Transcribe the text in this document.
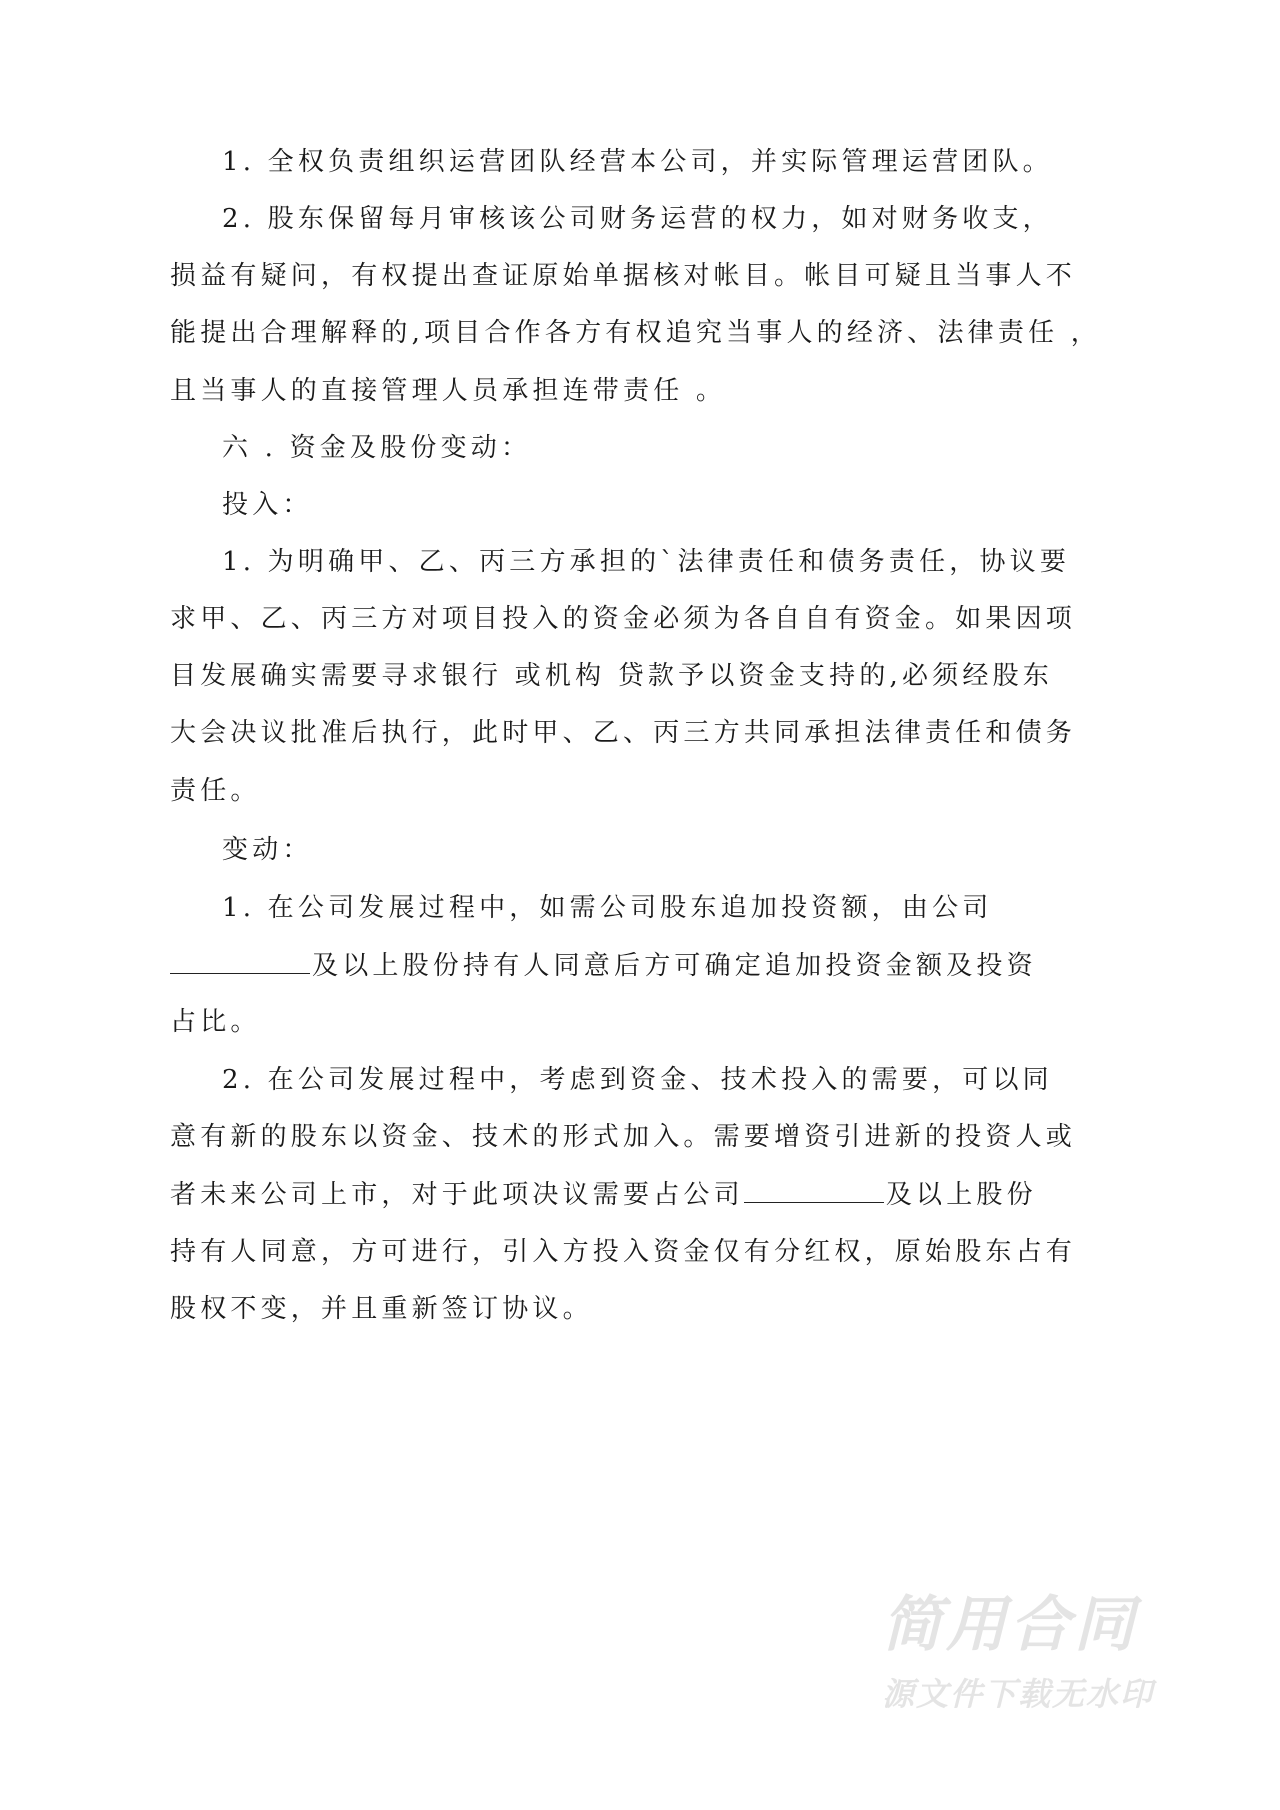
1. 全权负责组织运营团队经营本公司，并实际管理运营团队。
2. 股东保留每月审核该公司财务运营的权力，如对财务收支，
损益有疑问，有权提出查证原始单据核对帐目。帐目可疑且当事人不
能提出合理解释的,项目合作各方有权追究当事人的经济、法律责任 ，
且当事人的直接管理人员承担连带责任 。
六 . 资金及股份变动：
投入：
1. 为明确甲、乙、丙三方承担的`法律责任和债务责任，协议要
求甲、乙、丙三方对项目投入的资金必须为各自自有资金。如果因项
目发展确实需要寻求银行 或机构 贷款予以资金支持的,必须经股东
大会决议批准后执行，此时甲、乙、丙三方共同承担法律责任和债务
责任。
变动：
1. 在公司发展过程中，如需公司股东追加投资额，由公司
及以上股份持有人同意后方可确定追加投资金额及投资
占比。
2. 在公司发展过程中，考虑到资金、技术投入的需要，可以同
意有新的股东以资金、技术的形式加入。需要增资引进新的投资人或
者未来公司上市，对于此项决议需要占公司	及以上股份
持有人同意，方可进行，引入方投入资金仅有分红权，原始股东占有
股权不变，并且重新签订协议。
简用合同
源文件下载无水印
